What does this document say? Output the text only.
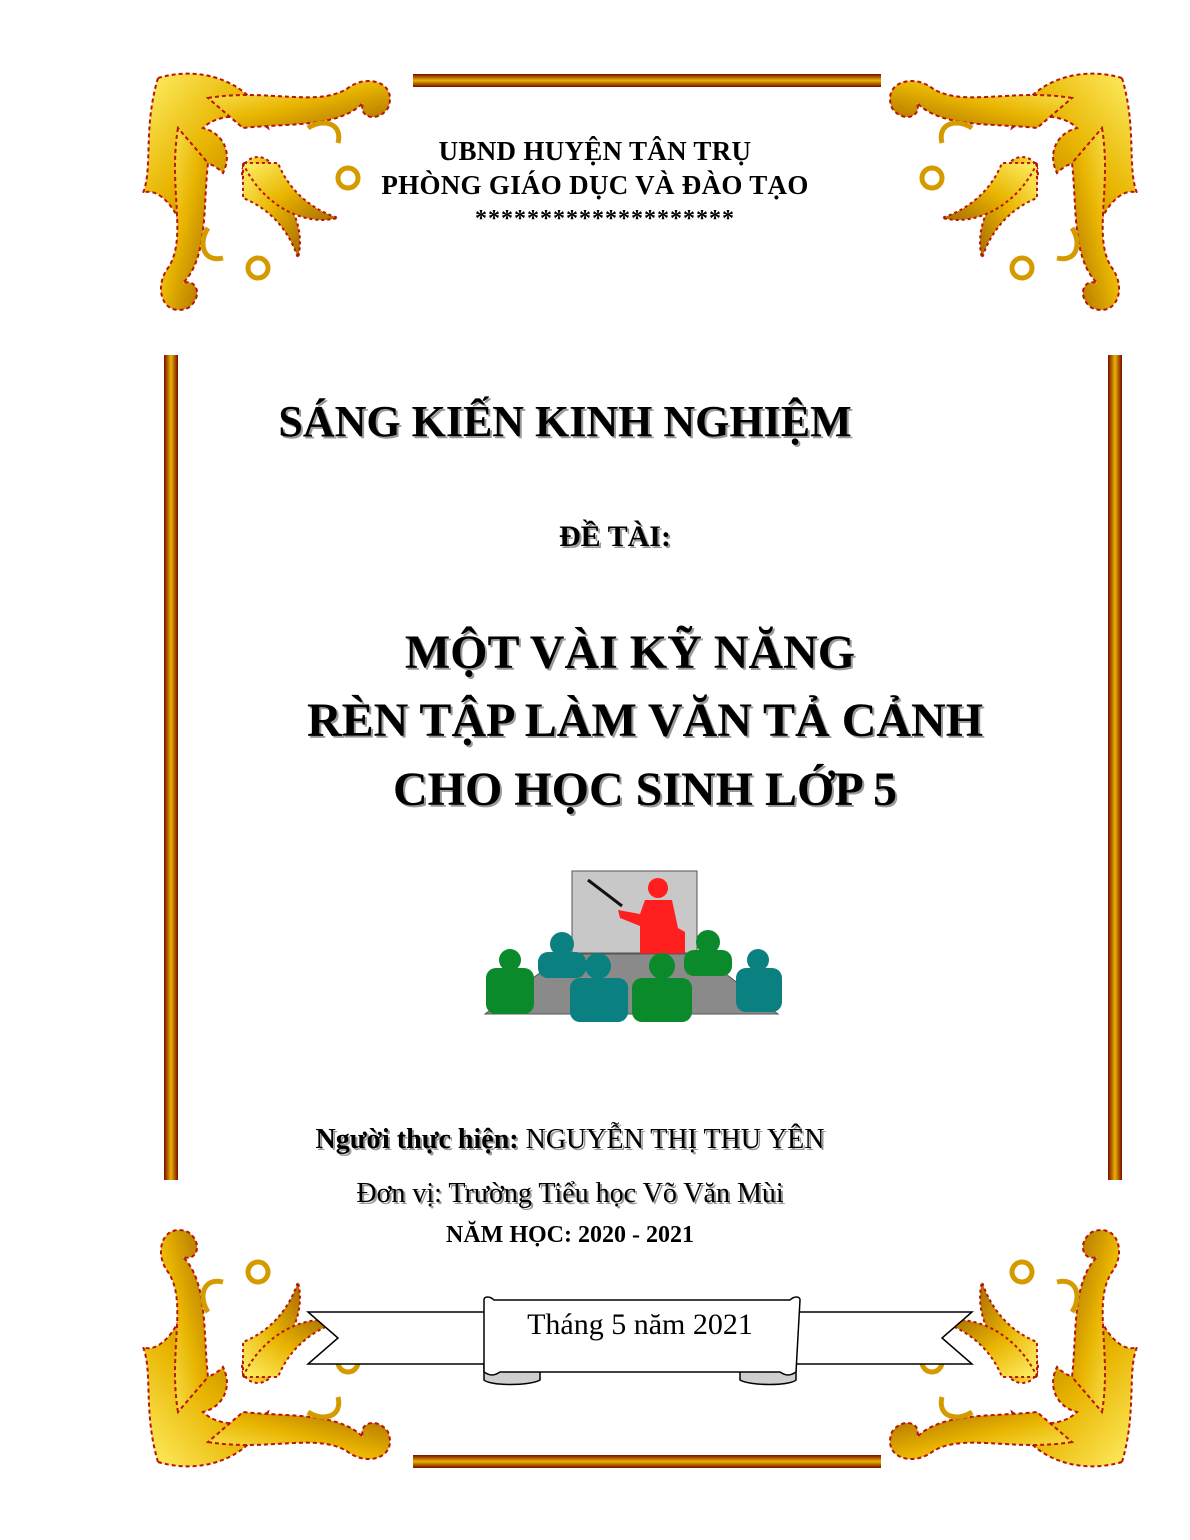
UBND HUYỆN TÂN TRỤ
PHÒNG GIÁO DỤC VÀ ĐÀO TẠO
********************
SÁNG KIẾN KINH NGHIỆM
ĐỀ TÀI:
MỘT VÀI KỸ NĂNG
RÈN TẬP LÀM VĂN TẢ CẢNH
CHO HỌC SINH LỚP 5
Người thực hiện: NGUYỄN THỊ THU YÊN
Đơn vị: Trường Tiểu học Võ Văn Mùi
NĂM HỌC: 2020 - 2021
Tháng 5 năm 2021
